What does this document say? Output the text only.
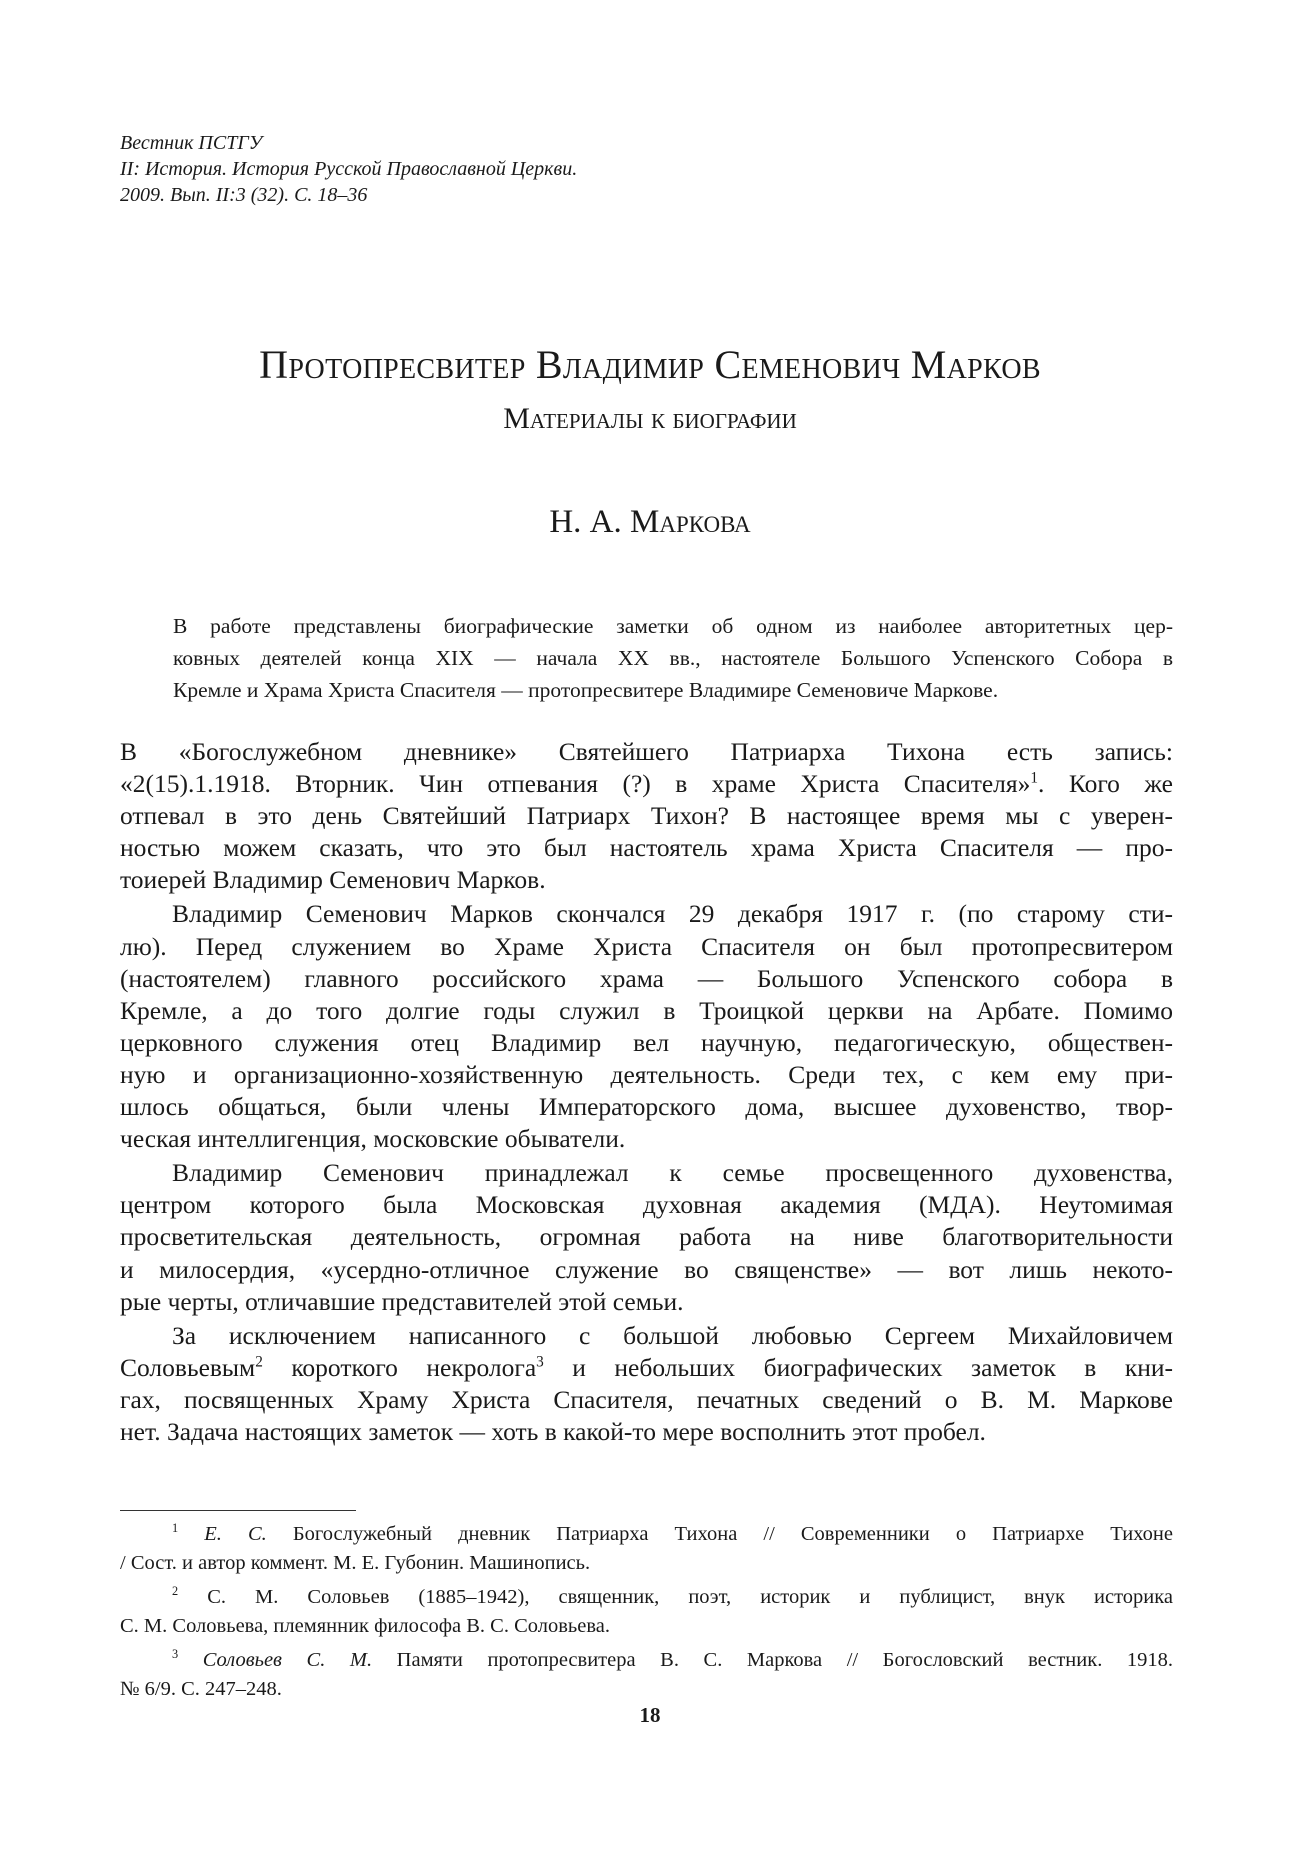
Вестник ПСТГУ
II: История. История Русской Православной Церкви.
2009. Вып. II:3 (32). С. 18–36
Протопресвитер Владимир Семенович Марков
Материалы к биографии
Н. А. Маркова
В работе представлены биографические заметки об одном из наиболее авторитетных цер-
ковных деятелей конца XIX — начала XX вв., настоятеле Большого Успенского Собора в
Кремле и Храма Христа Спасителя — протопресвитере Владимире Семеновиче Маркове.

В «Богослужебном дневнике» Святейшего Патриарха Тихона есть запись:
«2(15).1.1918. Вторник. Чин отпевания (?) в храме Христа Спасителя»$^1$. Кого же
отпевал в это день Святейший Патриарх Тихон? В настоящее время мы с уверен-
ностью можем сказать, что это был настоятель храма Христа Спасителя — про-
тоиерей Владимир Семенович Марков.

Владимир Семенович Марков скончался 29 декабря 1917 г. (по старому сти-
лю). Перед служением во Храме Христа Спасителя он был протопресвитером
(настоятелем) главного российского храма — Большого Успенского собора в
Кремле, а до того долгие годы служил в Троицкой церкви на Арбате. Помимо
церковного служения отец Владимир вел научную, педагогическую, обществен-
ную и организационно-хозяйственную деятельность. Среди тех, с кем ему при-
шлось общаться, были члены Императорского дома, высшее духовенство, твор-
ческая интеллигенция, московские обыватели.

Владимир Семенович принадлежал к семье просвещенного духовенства,
центром которого была Московская духовная академия (МДА). Неутомимая
просветительская деятельность, огромная работа на ниве благотворительности
и милосердия, «усердно-отличное служение во священстве» — вот лишь некото-
рые черты, отличавшие представителей этой семьи.

За исключением написанного с большой любовью Сергеем Михайловичем
Соловьевым$^2$ короткого некролога$^3$ и небольших биографических заметок в кни-
гах, посвященных Храму Христа Спасителя, печатных сведений о В. М. Маркове
нет. Задача настоящих заметок — хоть в какой-то мере восполнить этот пробел.

$^1$ Е. С. Богослужебный дневник Патриарха Тихона // Современники о Патриархе Тихоне
/ Сост. и автор коммент. М. Е. Губонин. Машинопись.
$^2$ С. М. Соловьев (1885–1942), священник, поэт, историк и публицист, внук историка
С. М. Соловьева, племянник философа В. С. Соловьева.
$^3$ Соловьев С. М. Памяти протопресвитера В. С. Маркова // Богословский вестник. 1918.
№ 6/9. С. 247–248.
18
